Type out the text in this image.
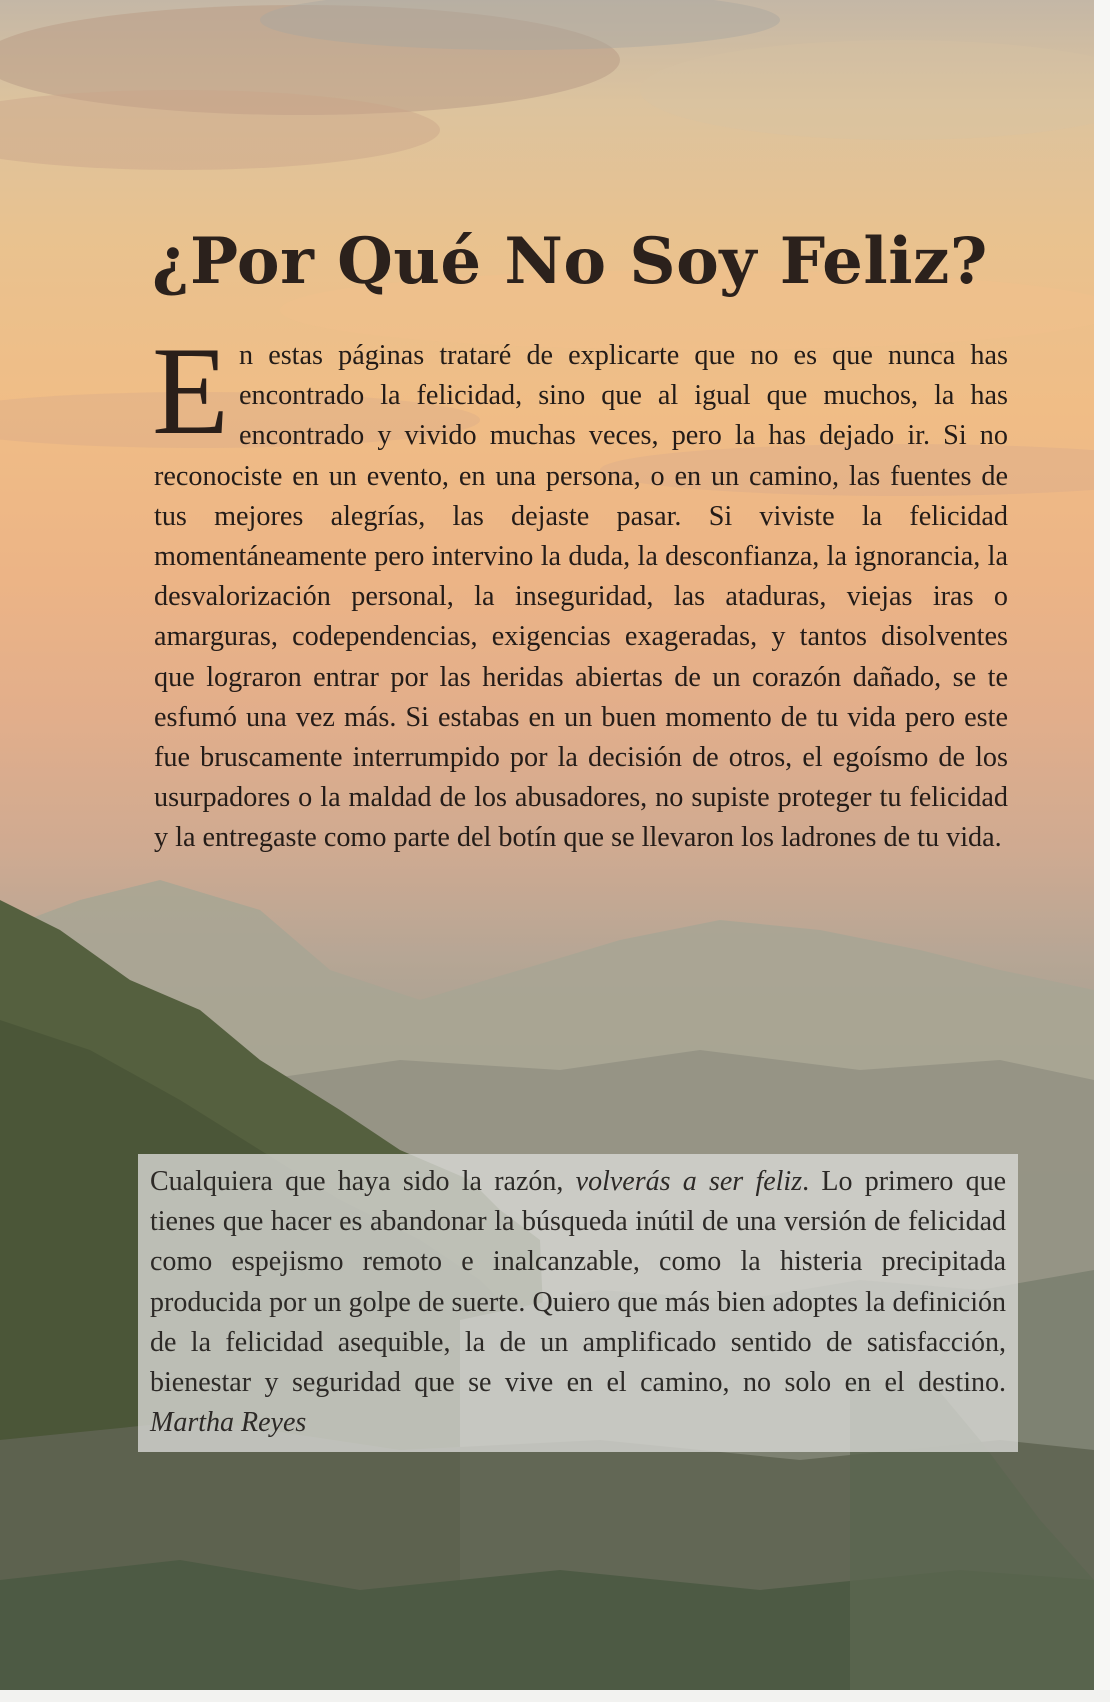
¿Por Qué No Soy Feliz?

En estas páginas trataré de explicarte que no es que nunca has encontrado la felicidad, sino que al igual que muchos, la has encontrado y vivido muchas veces, pero la has dejado ir. Si no reconociste en un evento, en una persona, o en un camino, las fuentes de tus mejores alegrías, las dejaste pasar. Si viviste la felicidad momentáneamente pero intervino la duda, la desconfianza, la ignorancia, la desvalorización personal, la inseguridad, las ataduras, viejas iras o amarguras, codependencias, exigencias exageradas, y tantos disolventes que lograron entrar por las heridas abiertas de un corazón dañado, se te esfumó una vez más. Si estabas en un buen momento de tu vida pero este fue bruscamente interrumpido por la decisión de otros, el egoísmo de los usurpadores o la maldad de los abusadores, no supiste proteger tu felicidad y la entregaste como parte del botín que se llevaron los ladrones de tu vida.

Cualquiera que haya sido la razón, volverás a ser feliz. Lo primero que tienes que hacer es abandonar la búsqueda inútil de una versión de felicidad como espejismo remoto e inalcanzable, como la histeria precipitada producida por un golpe de suerte. Quiero que más bien adoptes la definición de la felicidad asequible, la de un amplificado sentido de satisfacción, bienestar y seguridad que se vive en el camino, no solo en el destino. Martha Reyes
